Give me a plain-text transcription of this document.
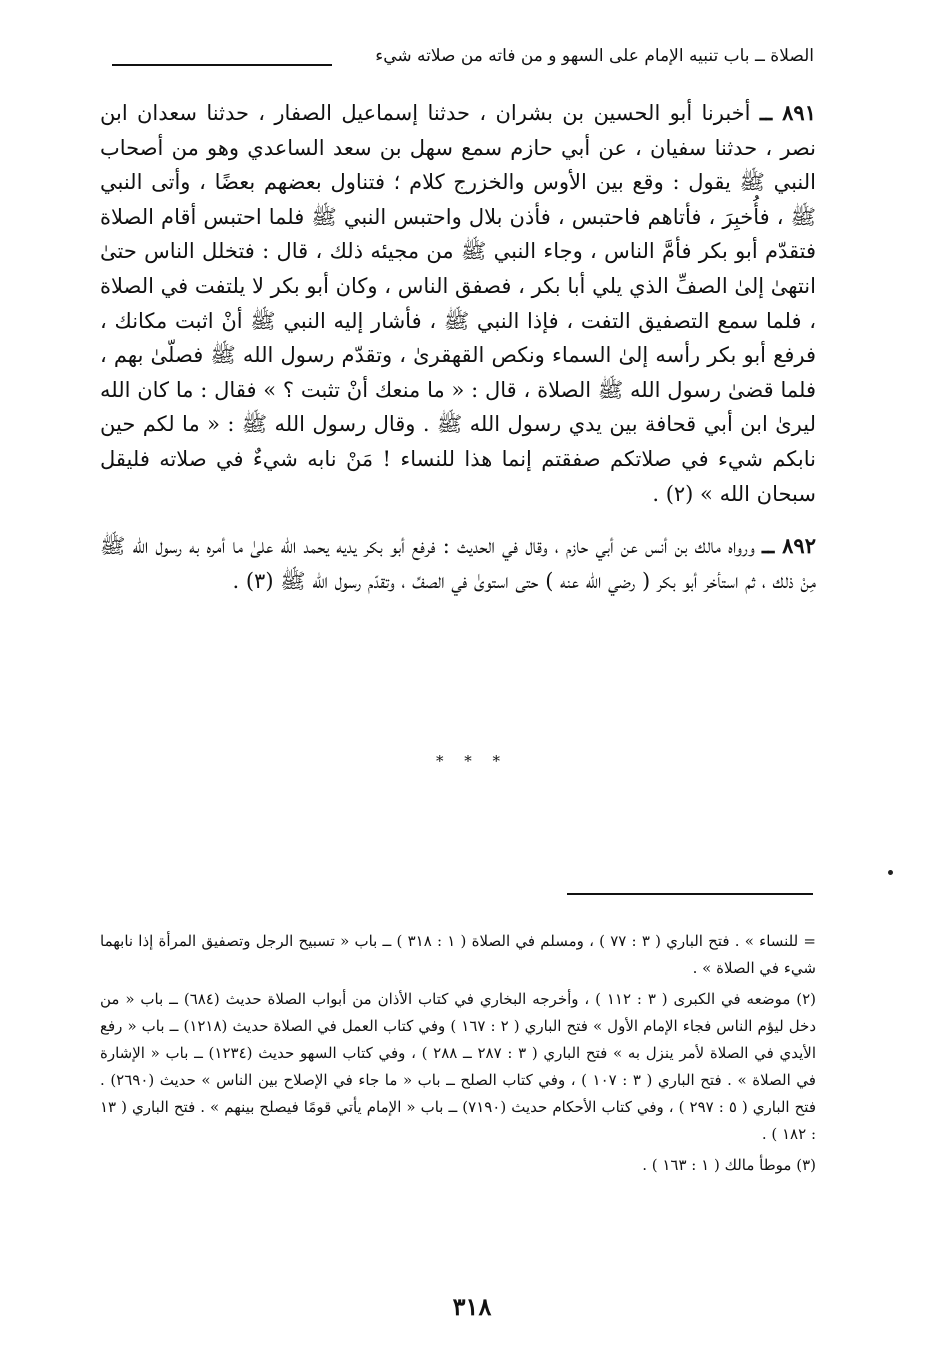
الصلاة ــ باب تنبيه الإمام على السهو و من فاته من صلاته شيء

٨٩١ ــ أخبرنا أبو الحسين بن بشران ، حدثنا إسماعيل الصفار ، حدثنا سعدان ابن نصر ، حدثنا سفيان ، عن أبي حازم سمع سهل بن سعد الساعدي وهو من أصحاب النبي ﷺ يقول : وقع بين الأوس والخزرج كلام ؛ فتناول بعضهم بعضًا ، وأتى النبي ﷺ ، فأُخبِرَ ، فأتاهم فاحتبس ، فأذن بلال واحتبس النبي ﷺ فلما احتبس أقام الصلاة فتقدّم أبو بكر فأمَّ الناس ، وجاء النبي ﷺ من مجيئه ذلك ، قال : فتخلل الناس حتىٰ انتهىٰ إلىٰ الصفِّ الذي يلي أبا بكر ، فصفق الناس ، وكان أبو بكر لا يلتفت في الصلاة ، فلما سمع التصفيق التفت ، فإذا النبي ﷺ ، فأشار إليه النبي ﷺ أنْ اثبت مكانك ، فرفع أبو بكر رأسه إلىٰ السماء ونكص القهقرىٰ ، وتقدّم رسول الله ﷺ فصلّىٰ بهم ، فلما قضىٰ رسول الله ﷺ الصلاة ، قال : « ما منعك أنْ تثبت ؟ » فقال : ما كان الله ليرىٰ ابن أبي قحافة بين يدي رسول الله ﷺ . وقال رسول الله ﷺ : « ما لكم حين نابكم شيء في صلاتكم صفقتم إنما هذا للنساء ! مَنْ نابه شيءٌ في صلاته فليقل سبحان الله » (٢) .

٨٩٢ ــ ورواه مالك بن أنس عن أبي حازم ، وقال في الحديث : فرفع أبو بكر يديه يحمد الله علىٰ ما أمره به رسول الله ﷺ مِنْ ذلك ، ثم استأخر أبو بكر ( رضي الله عنه ) حتى استوىٰ في الصفِّ ، وتقدّم رسول الله ﷺ (٣) .

* * *

= للنساء » . فتح الباري ( ٣ : ٧٧ ) ، ومسلم في الصلاة ( ١ : ٣١٨ ) ــ باب « تسبيح الرجل وتصفيق المرأة إذا نابهما شيء في الصلاة » .

(٢) موضعه في الكبرى ( ٣ : ١١٢ ) ، وأخرجه البخاري في كتاب الأذان من أبواب الصلاة حديث (٦٨٤) ــ باب « من دخل ليؤم الناس فجاء الإمام الأول » فتح الباري ( ٢ : ١٦٧ ) وفي كتاب العمل في الصلاة حديث (١٢١٨) ــ باب « رفع الأيدي في الصلاة لأمر ينزل به » فتح الباري ( ٣ : ٢٨٧ ــ ٢٨٨ ) ، وفي كتاب السهو حديث (١٢٣٤) ــ باب « الإشارة في الصلاة » . فتح الباري ( ٣ : ١٠٧ ) ، وفي كتاب الصلح ــ باب « ما جاء في الإصلاح بين الناس » حديث (٢٦٩٠) . فتح الباري ( ٥ : ٢٩٧ ) ، وفي كتاب الأحكام حديث (٧١٩٠) ــ باب « الإمام يأتي قومًا فيصلح بينهم » . فتح الباري ( ١٣ : ١٨٢ ) .

(٣) موطأ مالك ( ١ : ١٦٣ ) .

٣١٨
